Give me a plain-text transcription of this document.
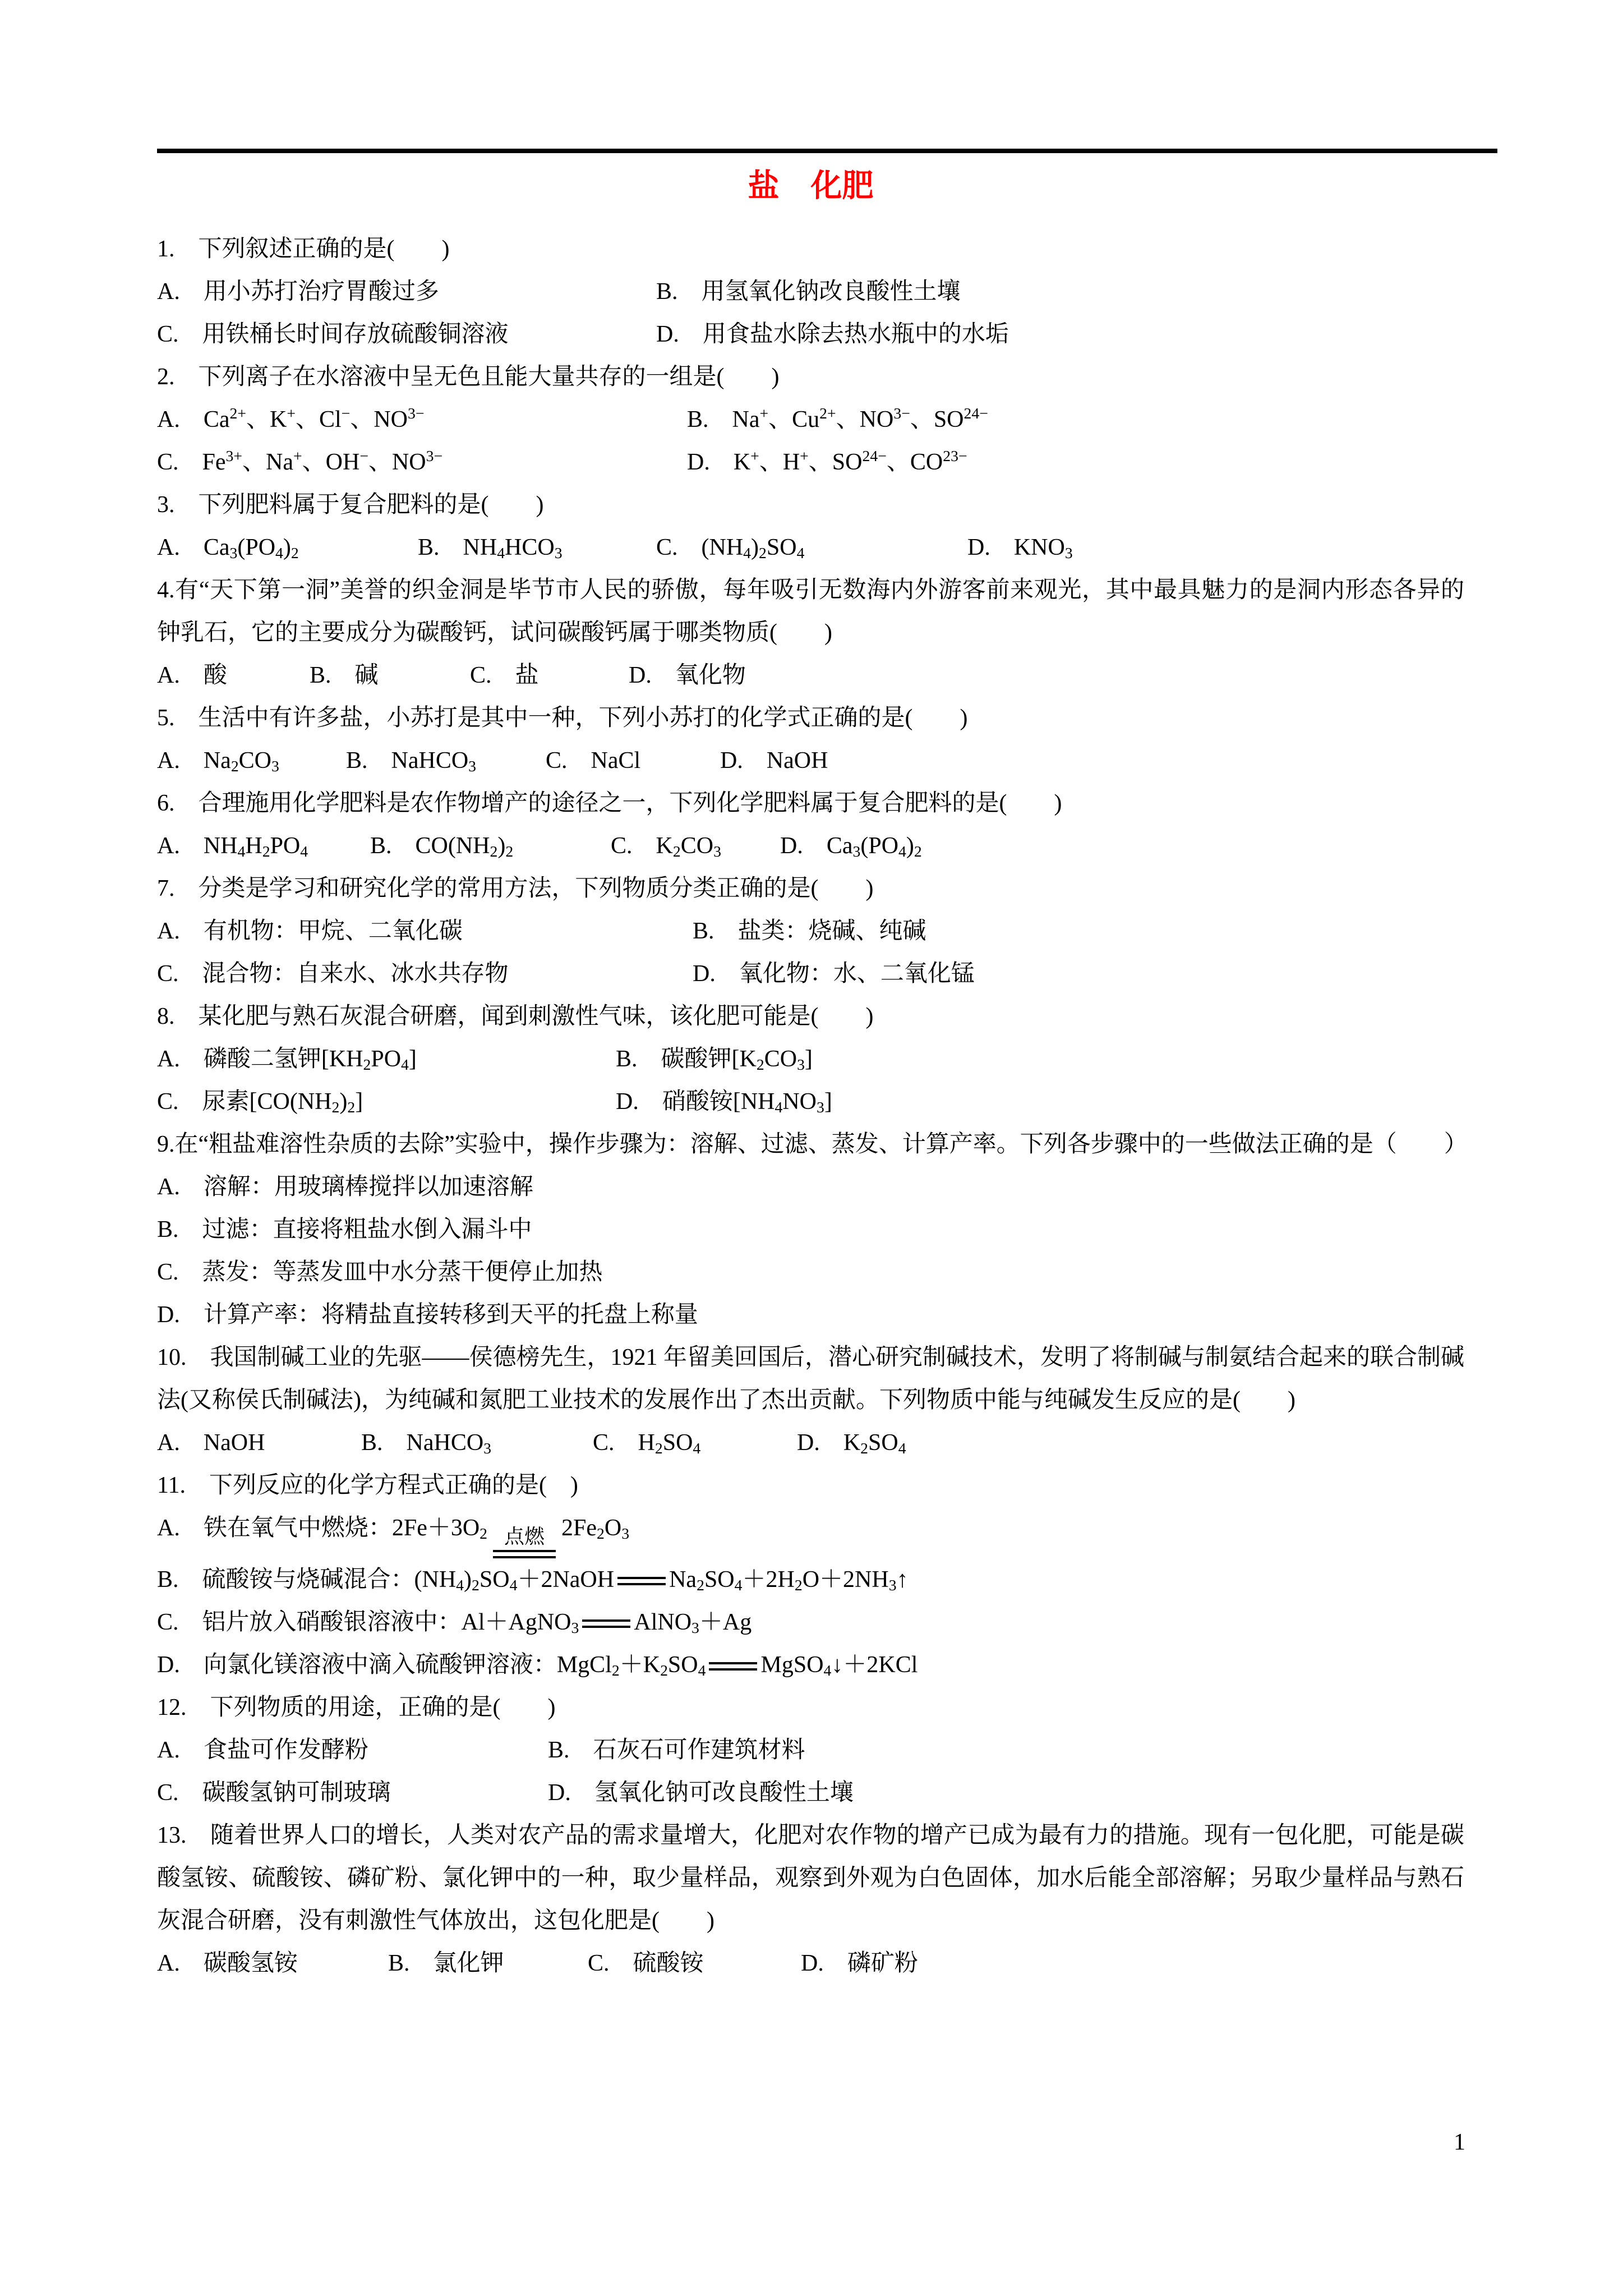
盐　化肥

1.　下列叙述正确的是(　　)

A.　用小苏打治疗胃酸过多	B.　用氢氧化钠改良酸性土壤

C.　用铁桶长时间存放硫酸铜溶液	D.　用食盐水除去热水瓶中的水垢

2.　下列离子在水溶液中呈无色且能大量共存的一组是(　　)

A.　$Ca^{2+}$、K+、Cl−、$NO^{3-}$	B.　Na+、$Cu^{2+}$、$NO^{3-}$、$SO^{24-}$

C.　$Fe^{3+}$、Na+、OH−、$NO^{3-}$	D.　K+、H+、$SO^{24-}$、$CO^{23-}$

3.　下列肥料属于复合肥料的是(　　)

A.　$Ca_3(PO_4)_2$	B.　$NH_4HCO_3$	C.　$(NH_4)_2SO_4$	D.　$KNO_3$

4.有“天下第一洞”美誉的织金洞是毕节市人民的骄傲，每年吸引无数海内外游客前来观光，其中最具魅力的是洞内形态各异的钟乳石，它的主要成分为碳酸钙，试问碳酸钙属于哪类物质(　　)

A.　酸	B.　碱	C.　盐	D.　氧化物

5.　生活中有许多盐，小苏打是其中一种，下列小苏打的化学式正确的是(　　)

A.　$Na_2CO_3$	B.　NaHCO$_3$	C.　NaCl	D.　NaOH

6.　合理施用化学肥料是农作物增产的途径之一，下列化学肥料属于复合肥料的是(　　)

A.　$NH_4H_2PO_4$	B.　$CO(NH_2)_2$	C.　$K_2CO_3$	D.　$Ca_3(PO_4)_2$

7.　分类是学习和研究化学的常用方法，下列物质分类正确的是(　　)

A.　有机物：甲烷、二氧化碳	B.　盐类：烧碱、纯碱

C.　混合物：自来水、冰水共存物	D.　氧化物：水、二氧化锰

8.　某化肥与熟石灰混合研磨，闻到刺激性气味，该化肥可能是(　　)

A.　磷酸二氢钾$[KH_2PO_4]$	B.　碳酸钾$[K_2CO_3]$

C.　尿素$[CO(NH_2)_2]$	D.　硝酸铵$[NH_4NO_3]$

9.在“粗盐难溶性杂质的去除”实验中，操作步骤为：溶解、过滤、蒸发、计算产率。下列各步骤中的一些做法正确的是（　　）

A.　溶解：用玻璃棒搅拌以加速溶解

B.　过滤：直接将粗盐水倒入漏斗中

C.　蒸发：等蒸发皿中水分蒸干便停止加热

D.　计算产率：将精盐直接转移到天平的托盘上称量

10.　我国制碱工业的先驱——侯德榜先生，1921 年留美回国后，潜心研究制碱技术，发明了将制碱与制氨结合起来的联合制碱法(又称侯氏制碱法)，为纯碱和氮肥工业技术的发展作出了杰出贡献。下列物质中能与纯碱发生反应的是(　　)

A.　NaOH	B.　NaHCO$_3$	C.　$H_2SO_4$	D.　$K_2SO_4$

11.　下列反应的化学方程式正确的是(　)

A.　铁在氧气中燃烧：$2Fe+3O_2$ 点燃 $2Fe_2O_3$

B.　硫酸铵与烧碱混合：$(NH_4)_2SO_4+2NaOH$ $Na_2SO_4+2H_2O+2NH_3↑$

C.　铝片放入硝酸银溶液中：Al＋AgNO$_3$ AlNO$_3$＋Ag

D.　向氯化镁溶液中滴入硫酸钾溶液：$MgCl_2+K_2SO_4$ MgSO$_4$↓＋2KCl

12.　下列物质的用途，正确的是(　　)

A.　食盐可作发酵粉	B.　石灰石可作建筑材料

C.　碳酸氢钠可制玻璃	D.　氢氧化钠可改良酸性土壤

13.　随着世界人口的增长，人类对农产品的需求量增大，化肥对农作物的增产已成为最有力的措施。现有一包化肥，可能是碳酸氢铵、硫酸铵、磷矿粉、氯化钾中的一种，取少量样品，观察到外观为白色固体，加水后能全部溶解；另取少量样品与熟石灰混合研磨，没有刺激性气体放出，这包化肥是(　　)

A.　碳酸氢铵	B.　氯化钾	C.　硫酸铵	D.　磷矿粉

1
